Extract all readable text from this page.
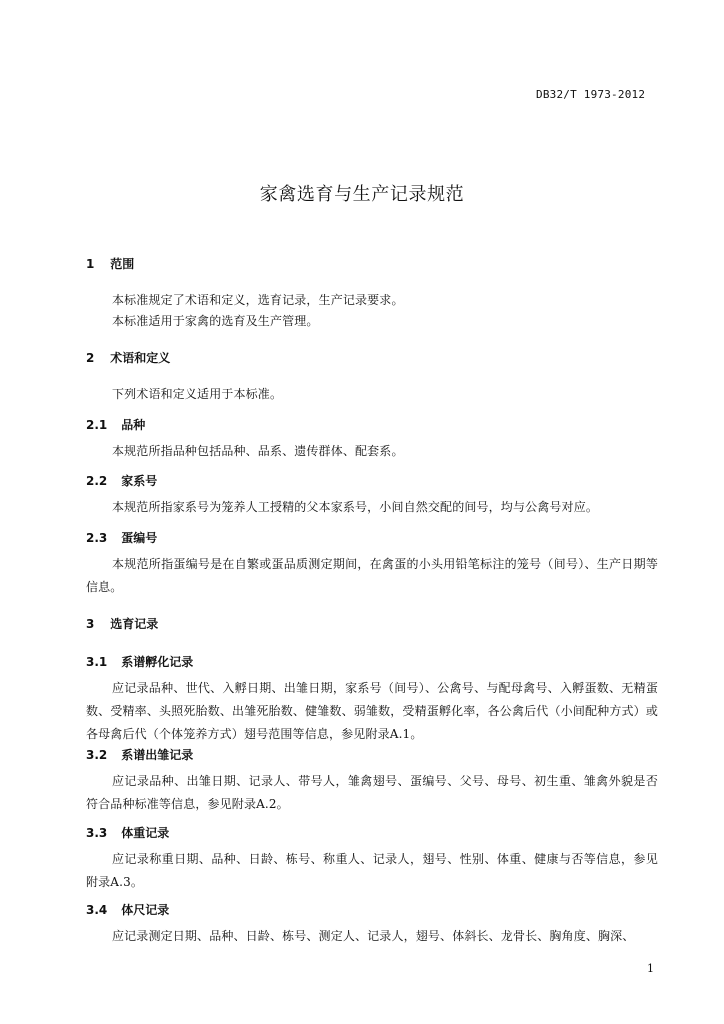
DB32/T 1973-2012
家禽选育与生产记录规范
1 范围
本标准规定了术语和定义，选育记录，生产记录要求。
本标准适用于家禽的选育及生产管理。
2 术语和定义
下列术语和定义适用于本标准。
2.1 品种
本规范所指品种包括品种、品系、遗传群体、配套系。
2.2 家系号
本规范所指家系号为笼养人工授精的父本家系号，小间自然交配的间号，均与公禽号对应。
2.3 蛋编号
本规范所指蛋编号是在自繁或蛋品质测定期间，在禽蛋的小头用铅笔标注的笼号（间号）、生产日期等信息。
3 选育记录
3.1 系谱孵化记录
应记录品种、世代、入孵日期、出雏日期，家系号（间号）、公禽号、与配母禽号、入孵蛋数、无精蛋数、受精率、头照死胎数、出雏死胎数、健雏数、弱雏数，受精蛋孵化率，各公禽后代（小间配种方式）或各母禽后代（个体笼养方式）翅号范围等信息，参见附录A.1。
3.2 系谱出雏记录
应记录品种、出雏日期、记录人、带号人，雏禽翅号、蛋编号、父号、母号、初生重、雏禽外貌是否符合品种标准等信息，参见附录A.2。
3.3 体重记录
应记录称重日期、品种、日龄、栋号、称重人、记录人，翅号、性别、体重、健康与否等信息，参见附录A.3。
3.4 体尺记录
应记录测定日期、品种、日龄、栋号、测定人、记录人，翅号、体斜长、龙骨长、胸角度、胸深、
1
